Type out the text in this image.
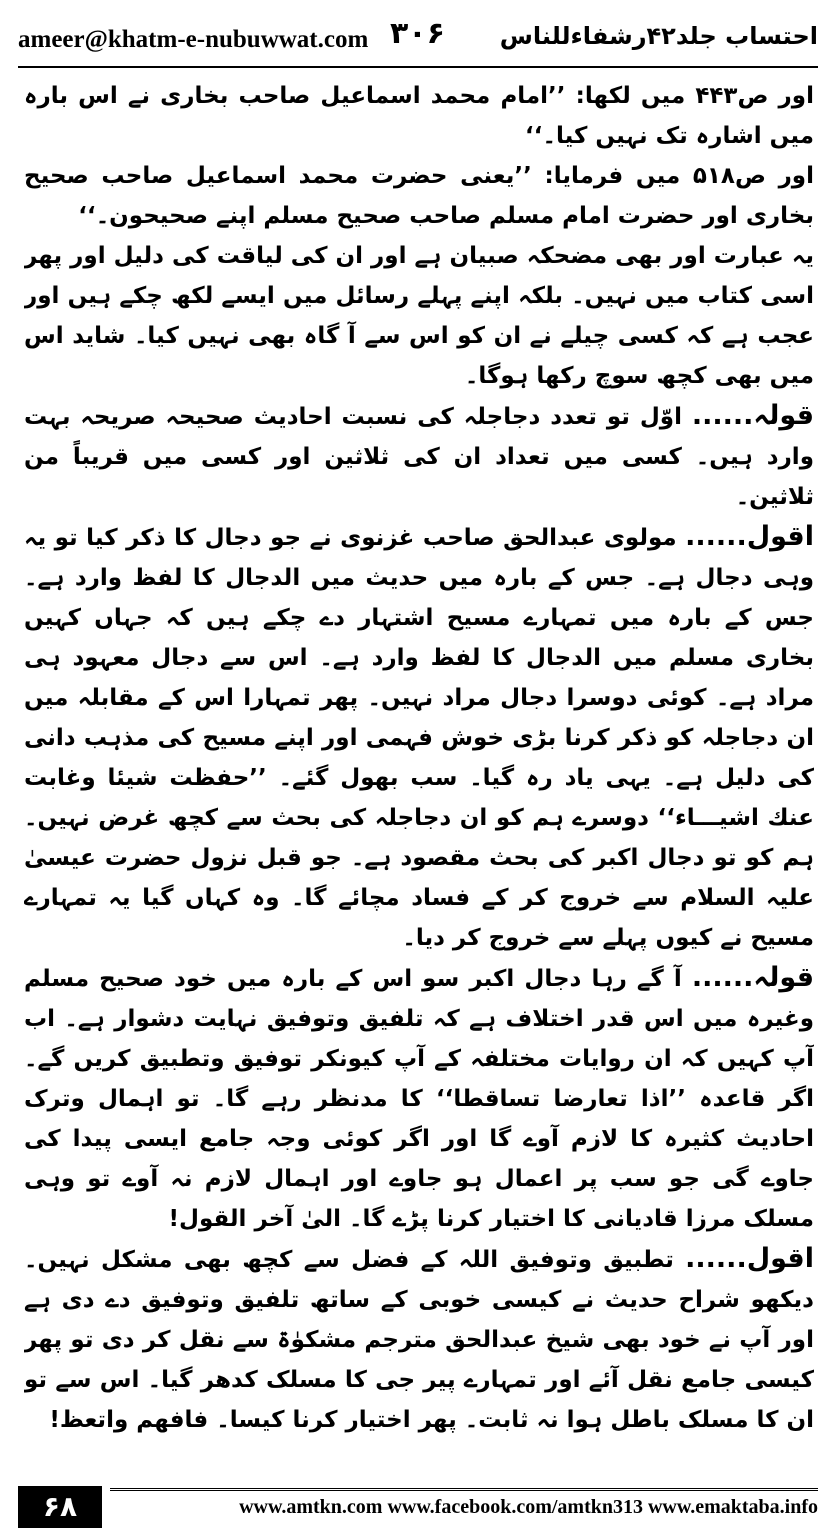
ameer@khatm-e-nubuwwat.com ۳۰۶ احتساب جلد۴۲رشفاءللناس

اور ص۴۴۳ میں لکھا: ’’امام محمد اسماعیل صاحب بخاری نے اس بارہ میں اشارہ تک نہیں کیا۔‘‘

اور ص۵۱۸ میں فرمایا: ’’یعنی حضرت محمد اسماعیل صاحب صحیح بخاری اور حضرت امام مسلم صاحب صحیح مسلم اپنے صحیحون۔‘‘

یہ عبارت اور بھی مضحکہ صبیان ہے اور ان کی لیاقت کی دلیل اور پھر اسی کتاب میں نہیں۔ بلکہ اپنے پہلے رسائل میں ایسے لکھ چکے ہیں اور عجب ہے کہ کسی چیلے نے ان کو اس سے آ گاہ بھی نہیں کیا۔ شاید اس میں بھی کچھ سوچ رکھا ہوگا۔

قولہ...... اوّل تو تعدد دجاجلہ کی نسبت احادیث صحیحہ صریحہ بہت وارد ہیں۔ کسی میں تعداد ان کی ثلاثین اور کسی میں قریباً من ثلاثین۔

اقول...... مولوی عبدالحق صاحب غزنوی نے جو دجال کا ذکر کیا تو یہ وہی دجال ہے۔ جس کے بارہ میں حدیث میں الدجال کا لفظ وارد ہے۔ جس کے بارہ میں تمہارے مسیح اشتہار دے چکے ہیں کہ جہاں کہیں بخاری مسلم میں الدجال کا لفظ وارد ہے۔ اس سے دجال معہود ہی مراد ہے۔ کوئی دوسرا دجال مراد نہیں۔ پھر تمہارا اس کے مقابلہ میں ان دجاجلہ کو ذکر کرنا بڑی خوش فہمی اور اپنے مسیح کی مذہب دانی کی دلیل ہے۔ یہی یاد رہ گیا۔ سب بھول گئے۔ ’’حفظت شیئا وغابت عنك اشیـــاء‘‘ دوسرے ہم کو ان دجاجلہ کی بحث سے کچھ غرض نہیں۔ ہم کو تو دجال اکبر کی بحث مقصود ہے۔ جو قبل نزول حضرت عیسیٰ علیہ السلام سے خروج کر کے فساد مچائے گا۔ وہ کہاں گیا یہ تمہارے مسیح نے کیوں پہلے سے خروج کر دیا۔

قولہ...... آ گے رہا دجال اکبر سو اس کے بارہ میں خود صحیح مسلم وغیرہ میں اس قدر اختلاف ہے کہ تلفیق وتوفیق نہایت دشوار ہے۔ اب آپ کہیں کہ ان روایات مختلفہ کے آپ کیونکر توفیق وتطبیق کریں گے۔ اگر قاعدہ ’’اذا تعارضا تساقطا‘‘ کا مدنظر رہے گا۔ تو اہمال وترک احادیث کثیرہ کا لازم آوے گا اور اگر کوئی وجہ جامع ایسی پیدا کی جاوے گی جو سب پر اعمال ہو جاوے اور اہمال لازم نہ آوے تو وہی مسلک مرزا قادیانی کا اختیار کرنا پڑے گا۔ الیٰ آخر القول!

اقول...... تطبیق وتوفیق اللہ کے فضل سے کچھ بھی مشکل نہیں۔ دیکھو شراح حدیث نے کیسی خوبی کے ساتھ تلفیق وتوفیق دے دی ہے اور آپ نے خود بھی شیخ عبدالحق مترجم مشکوٰۃ سے نقل کر دی تو پھر کیسی جامع نقل آئے اور تمہارے پیر جی کا مسلک کدھر گیا۔ اس سے تو ان کا مسلک باطل ہوا نہ ثابت۔ پھر اختیار کرنا کیسا۔ فافھم واتعظ!

۶۸	www.amtkn.com www.facebook.com/amtkn313 www.emaktaba.info
